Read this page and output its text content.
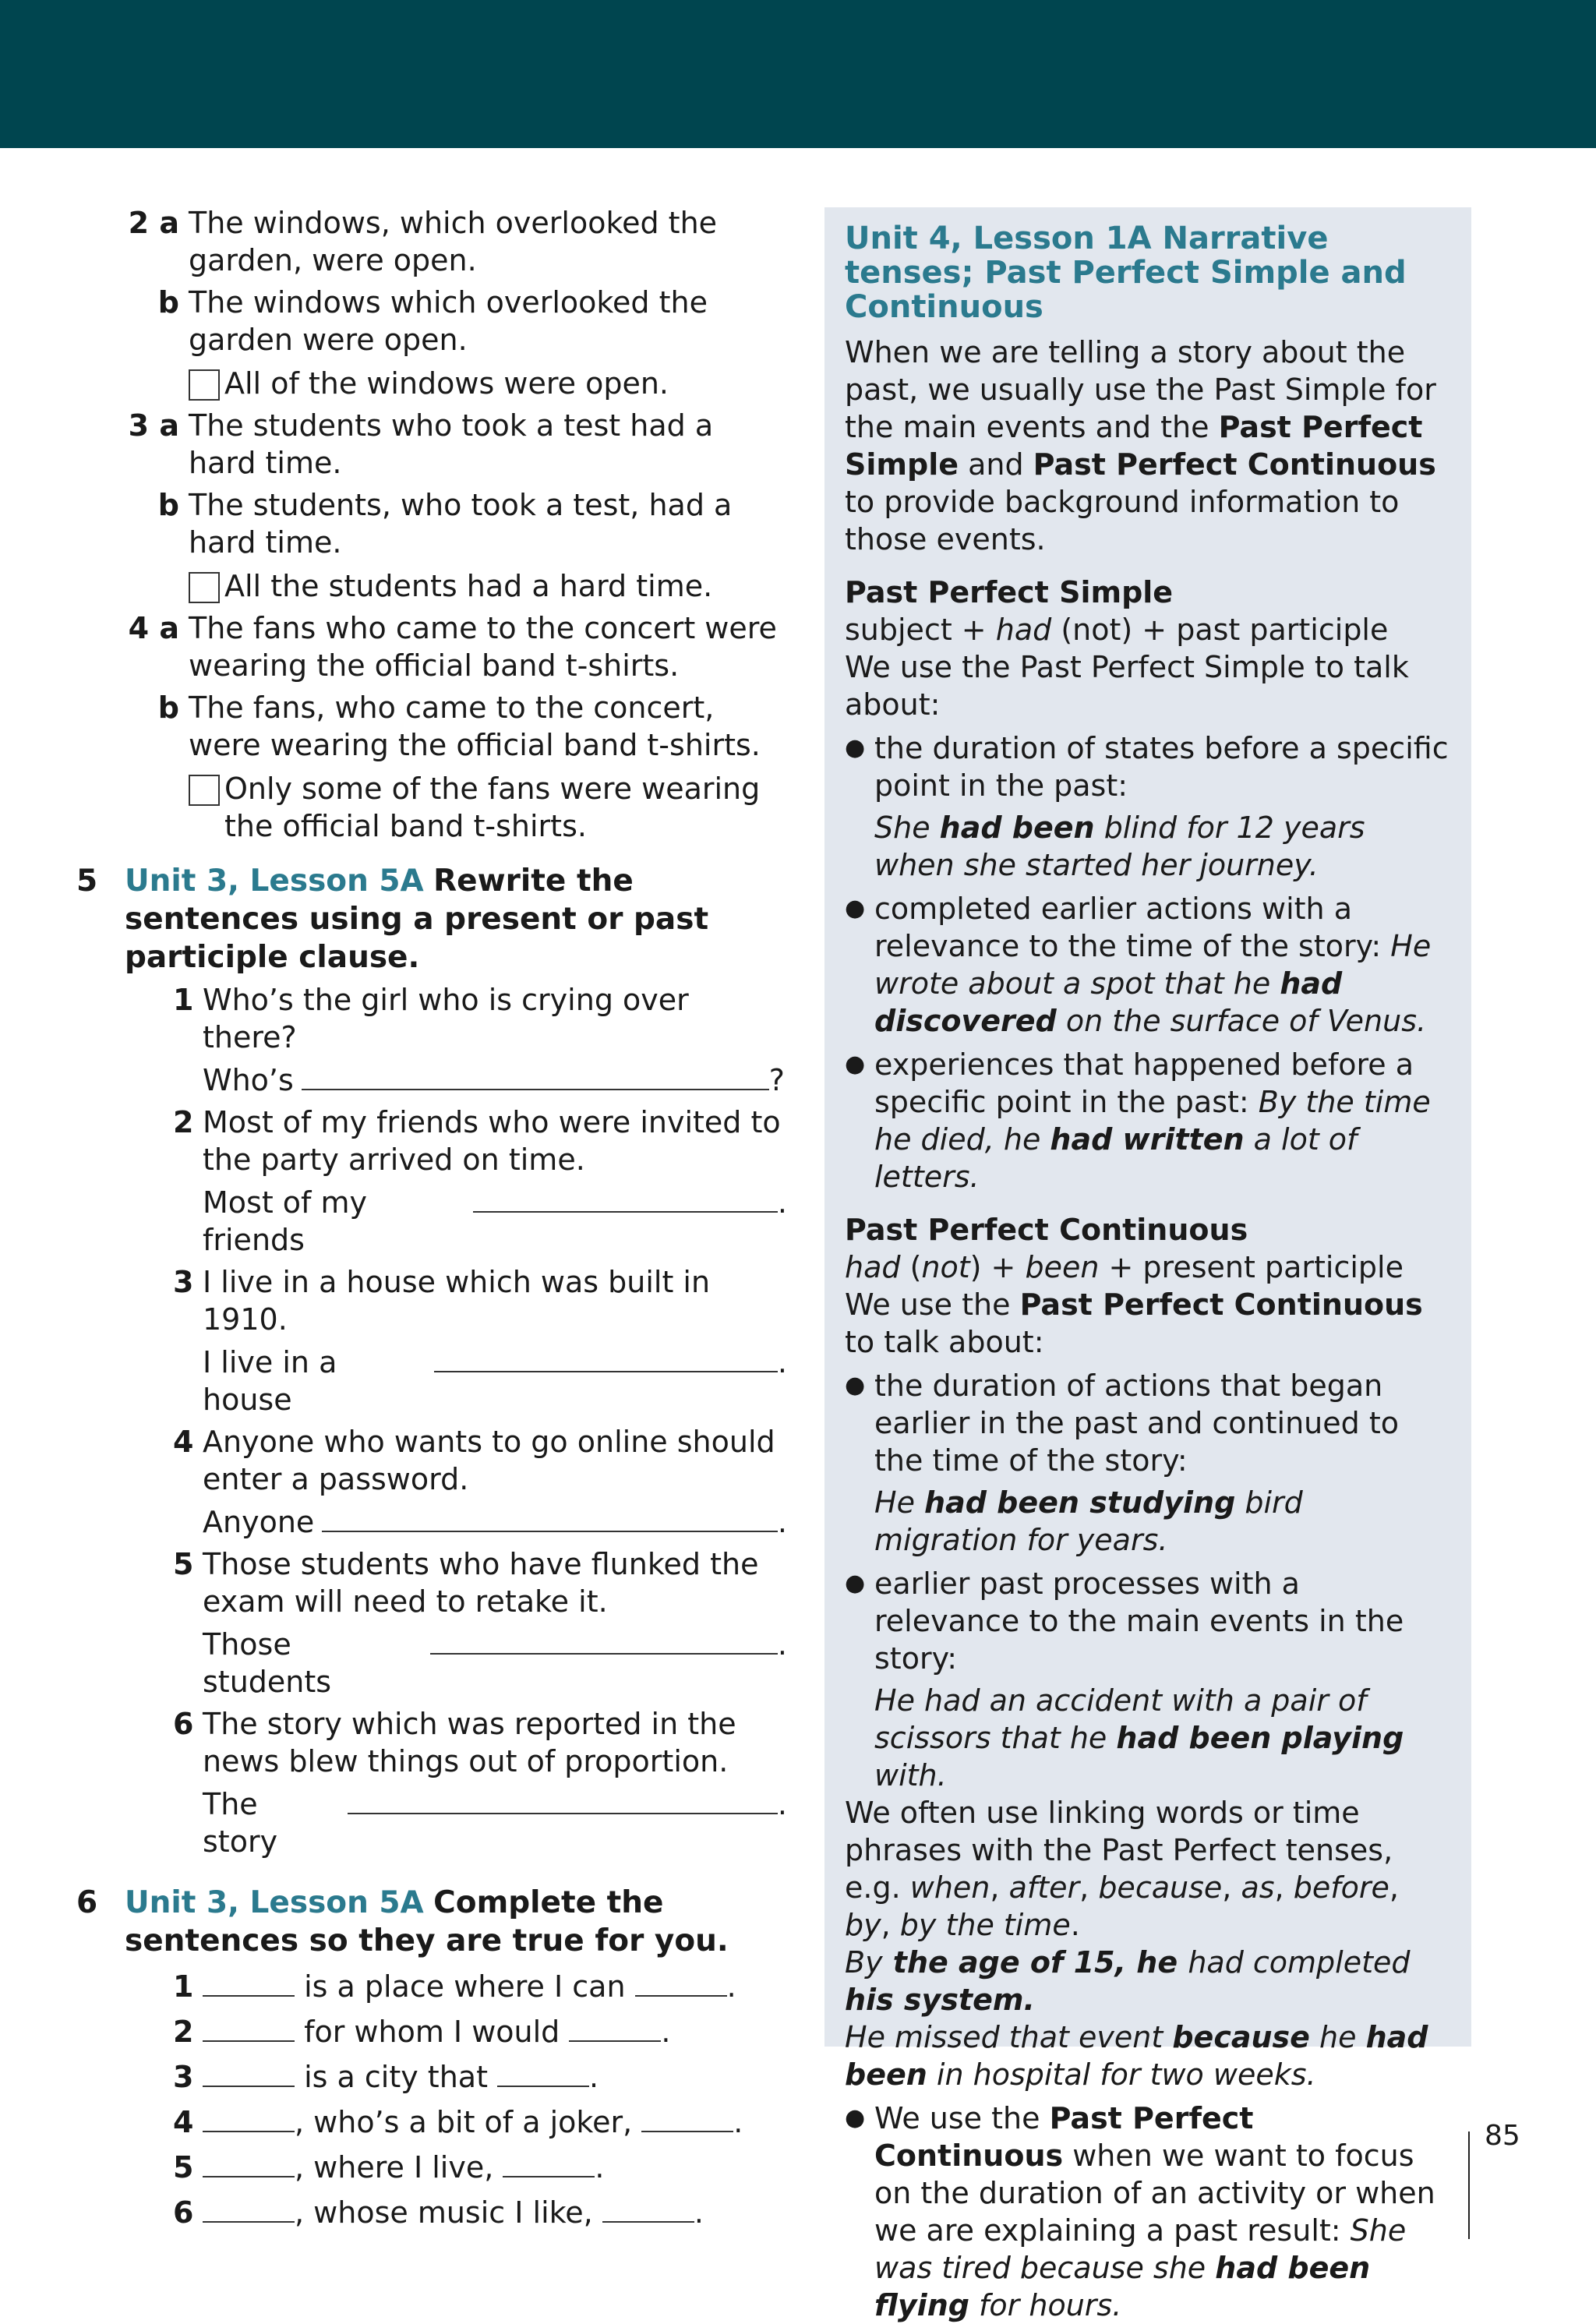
2 a The windows, which overlooked the garden, were open.
b The windows which overlooked the garden were open.
All of the windows were open.
3 a The students who took a test had a hard time.
b The students, who took a test, had a hard time.
All the students had a hard time.
4 a The fans who came to the concert were wearing the official band t-shirts.
b The fans, who came to the concert, were wearing the official band t-shirts.
Only some of the fans were wearing the official band t-shirts.
5 Unit 3, Lesson 5A Rewrite the sentences using a present or past participle clause.
1 Who’s the girl who is crying over there?
Who’s	?
2 Most of my friends who were invited to the party arrived on time.
Most of my friends
.
3 I live in a house which was built in 1910.
I live in a house
.
4 Anyone who wants to go online should enter a password.
Anyone	.
5 Those students who have flunked the exam will need to retake it.
Those students
.
6 The story which was reported in the news blew things out of proportion.
The story
.
6 Unit 3, Lesson 5A Complete the sentences so they are true for you.
1	is a place where I can	.
2	for whom I would	.
3	is a city that	.
4	, who’s a bit of a joker,	.
5	, where I live,	.
6	, whose music I like,	.
Unit 4, Lesson 1A Narrative tenses; Past Perfect Simple and Continuous
When we are telling a story about the past, we usually use the Past Simple for the main events and the Past Perfect Simple and Past Perfect Continuous to provide background information to those events.
Past Perfect Simple
subject + had (not) + past participle
We use the Past Perfect Simple to talk about:
● the duration of states before a specific point in the past:
She had been blind for 12 years when she started her journey.
● completed earlier actions with a relevance to the time of the story: He wrote about a spot that he had discovered on the surface of Venus.
● experiences that happened before a specific point in the past: By the time he died, he had written a lot of letters.
Past Perfect Continuous
had (not) + been + present participle
We use the Past Perfect Continuous to talk about:
● the duration of actions that began earlier in the past and continued to the time of the story:
He had been studying bird migration for years.
● earlier past processes with a relevance to the main events in the story:
He had an accident with a pair of scissors that he had been playing with.
We often use linking words or time phrases with the Past Perfect tenses, e.g. when, after, because, as, before, by, by the time.
By the age of 15, he had completed his system.
He missed that event because he had been in hospital for two weeks.
● We use the Past Perfect Continuous when we want to focus on the duration of an activity or when we are explaining a past result: She was tired because she had been flying for hours.
85
